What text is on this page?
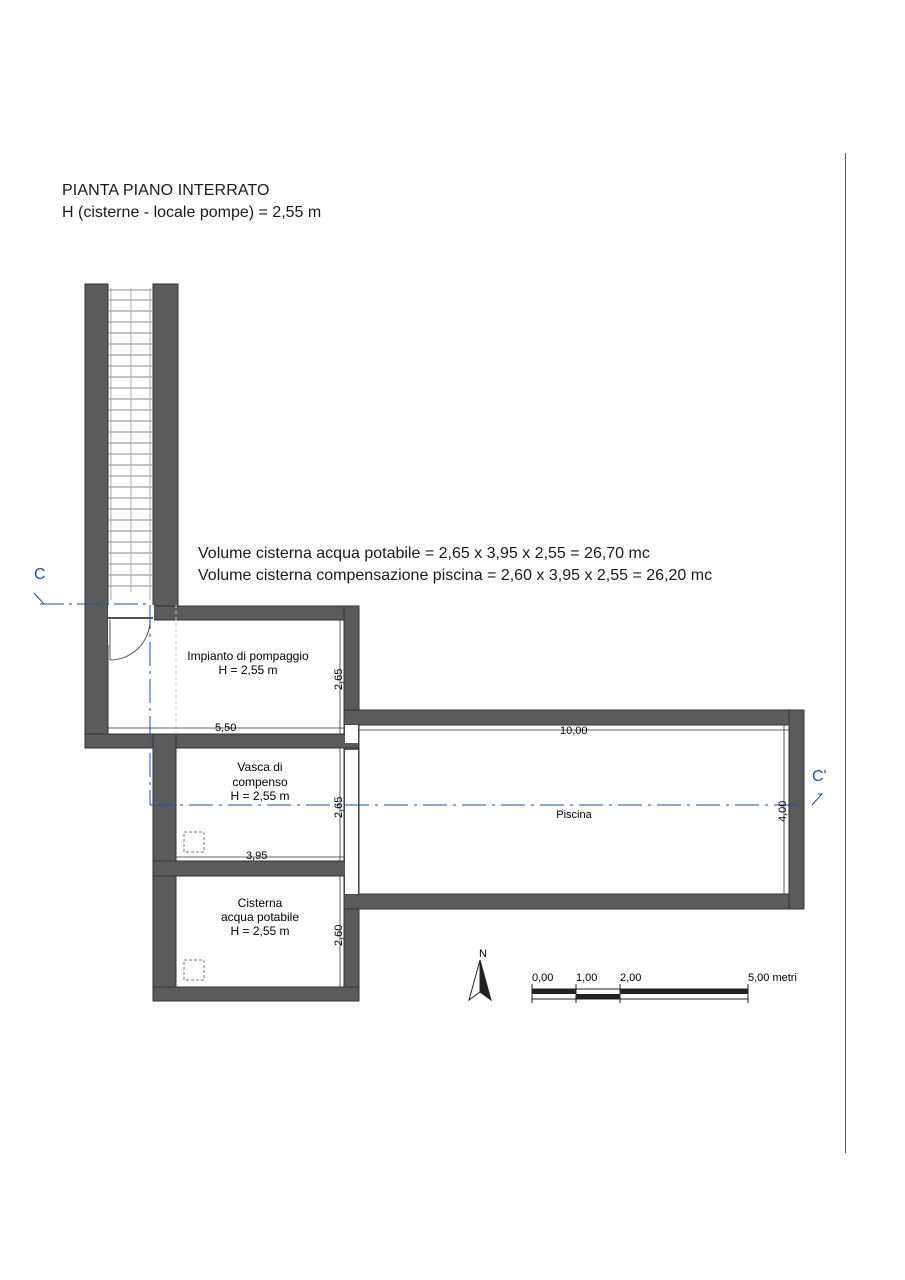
PIANTA PIANO INTERRATO
H (cisterne - locale pompe) = 2,55 m
Volume cisterna acqua potabile = 2,65 x 3,95 x 2,55 = 26,70 mc
Volume cisterna compensazione piscina = 2,60 x 3,95 x 2,55 = 26,20 mc
C
C'
5,50
2,65
2,65
3,95
2,60
10,00
4,00
Impianto di pompaggio
H = 2,55 m
Vasca di
compenso
H = 2,55 m
Cisterna
acqua potabile
H = 2,55 m
Piscina
N
0,00 1,00 2,00	5,00 metri
